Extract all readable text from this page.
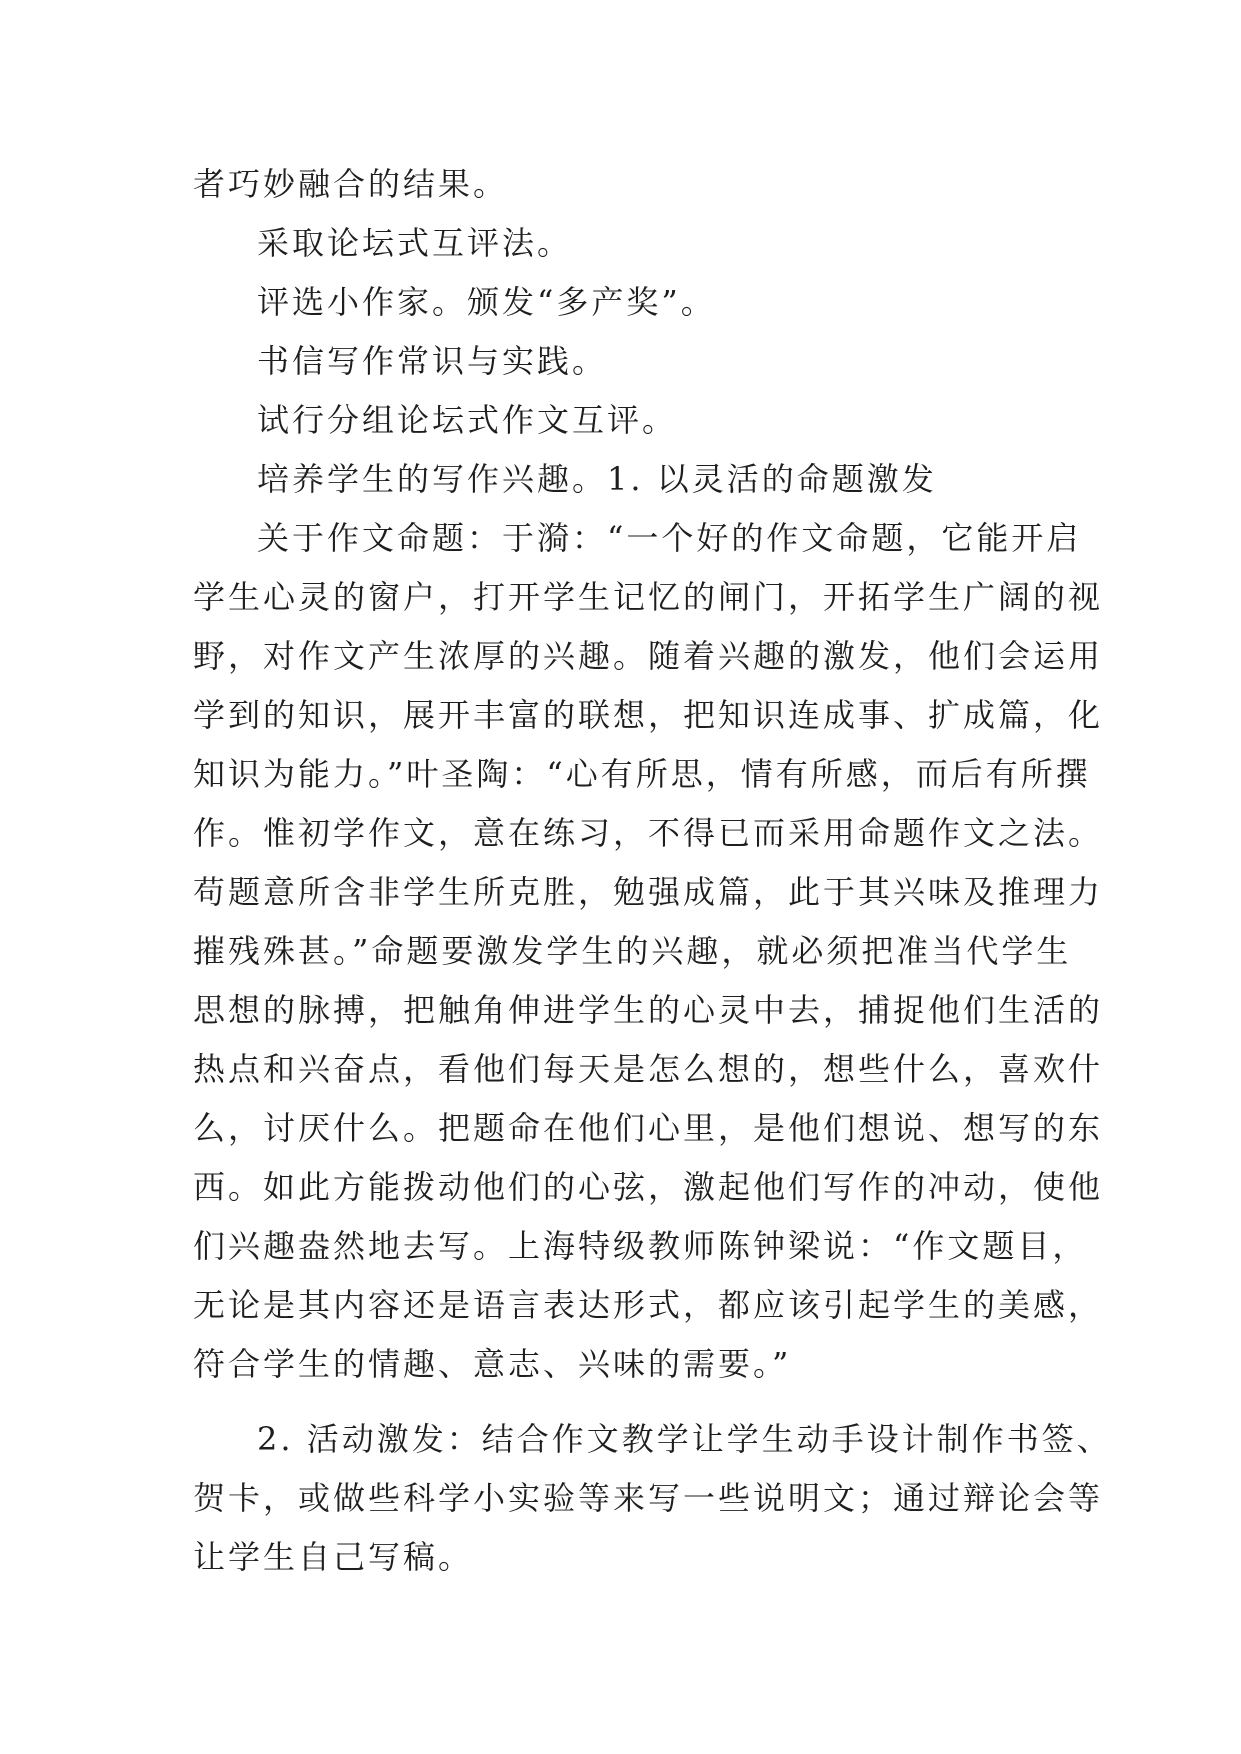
者巧妙融合的结果。
采取论坛式互评法。
评选小作家。颁发“多产奖”。
书信写作常识与实践。
试行分组论坛式作文互评。
培养学生的写作兴趣。1. 以灵活的命题激发
关于作文命题：于漪：“一个好的作文命题，它能开启
学生心灵的窗户，打开学生记忆的闸门，开拓学生广阔的视
野，对作文产生浓厚的兴趣。随着兴趣的激发，他们会运用
学到的知识，展开丰富的联想，把知识连成事、扩成篇，化
知识为能力。”叶圣陶：“心有所思，情有所感，而后有所撰
作。惟初学作文，意在练习，不得已而采用命题作文之法。
苟题意所含非学生所克胜，勉强成篇，此于其兴味及推理力
摧残殊甚。”命题要激发学生的兴趣，就必须把准当代学生
思想的脉搏，把触角伸进学生的心灵中去，捕捉他们生活的
热点和兴奋点，看他们每天是怎么想的，想些什么，喜欢什
么，讨厌什么。把题命在他们心里，是他们想说、想写的东
西。如此方能拨动他们的心弦，激起他们写作的冲动，使他
们兴趣盎然地去写。上海特级教师陈钟梁说：“作文题目，
无论是其内容还是语言表达形式，都应该引起学生的美感，
符合学生的情趣、意志、兴味的需要。”
2. 活动激发：结合作文教学让学生动手设计制作书签、
贺卡，或做些科学小实验等来写一些说明文；通过辩论会等
让学生自己写稿。
